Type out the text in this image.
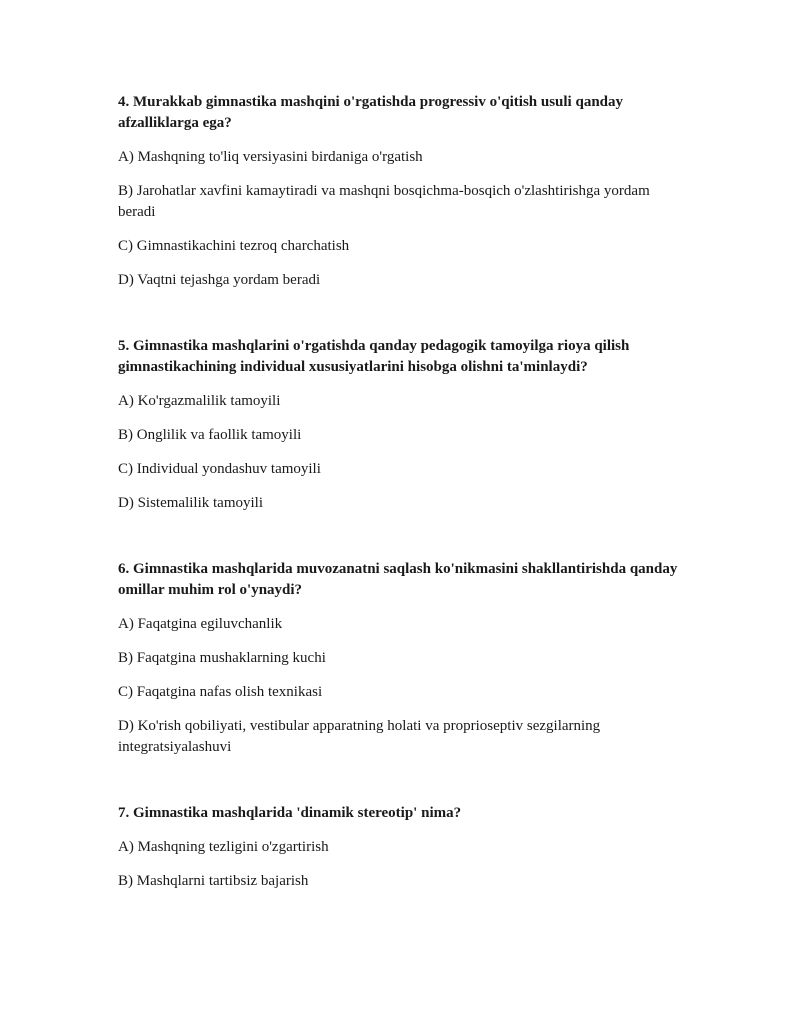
4. Murakkab gimnastika mashqini o'rgatishda progressiv o'qitish usuli qanday afzalliklarga ega?

A) Mashqning to'liq versiyasini birdaniga o'rgatish

B) Jarohatlar xavfini kamaytiradi va mashqni bosqichma-bosqich o'zlashtirishga yordam beradi

C) Gimnastikachini tezroq charchatish

D) Vaqtni tejashga yordam beradi

5. Gimnastika mashqlarini o'rgatishda qanday pedagogik tamoyilga rioya qilish gimnastikachining individual xususiyatlarini hisobga olishni ta'minlaydi?

A) Ko'rgazmalilik tamoyili

B) Onglilik va faollik tamoyili

C) Individual yondashuv tamoyili

D) Sistemalilik tamoyili

6. Gimnastika mashqlarida muvozanatni saqlash ko'nikmasini shakllantirishda qanday omillar muhim rol o'ynaydi?

A) Faqatgina egiluvchanlik

B) Faqatgina mushaklarning kuchi

C) Faqatgina nafas olish texnikasi

D) Ko'rish qobiliyati, vestibular apparatning holati va proprioseptiv sezgilarning integratsiyalashuvi

7. Gimnastika mashqlarida 'dinamik stereotip' nima?

A) Mashqning tezligini o'zgartirish

B) Mashqlarni tartibsiz bajarish
